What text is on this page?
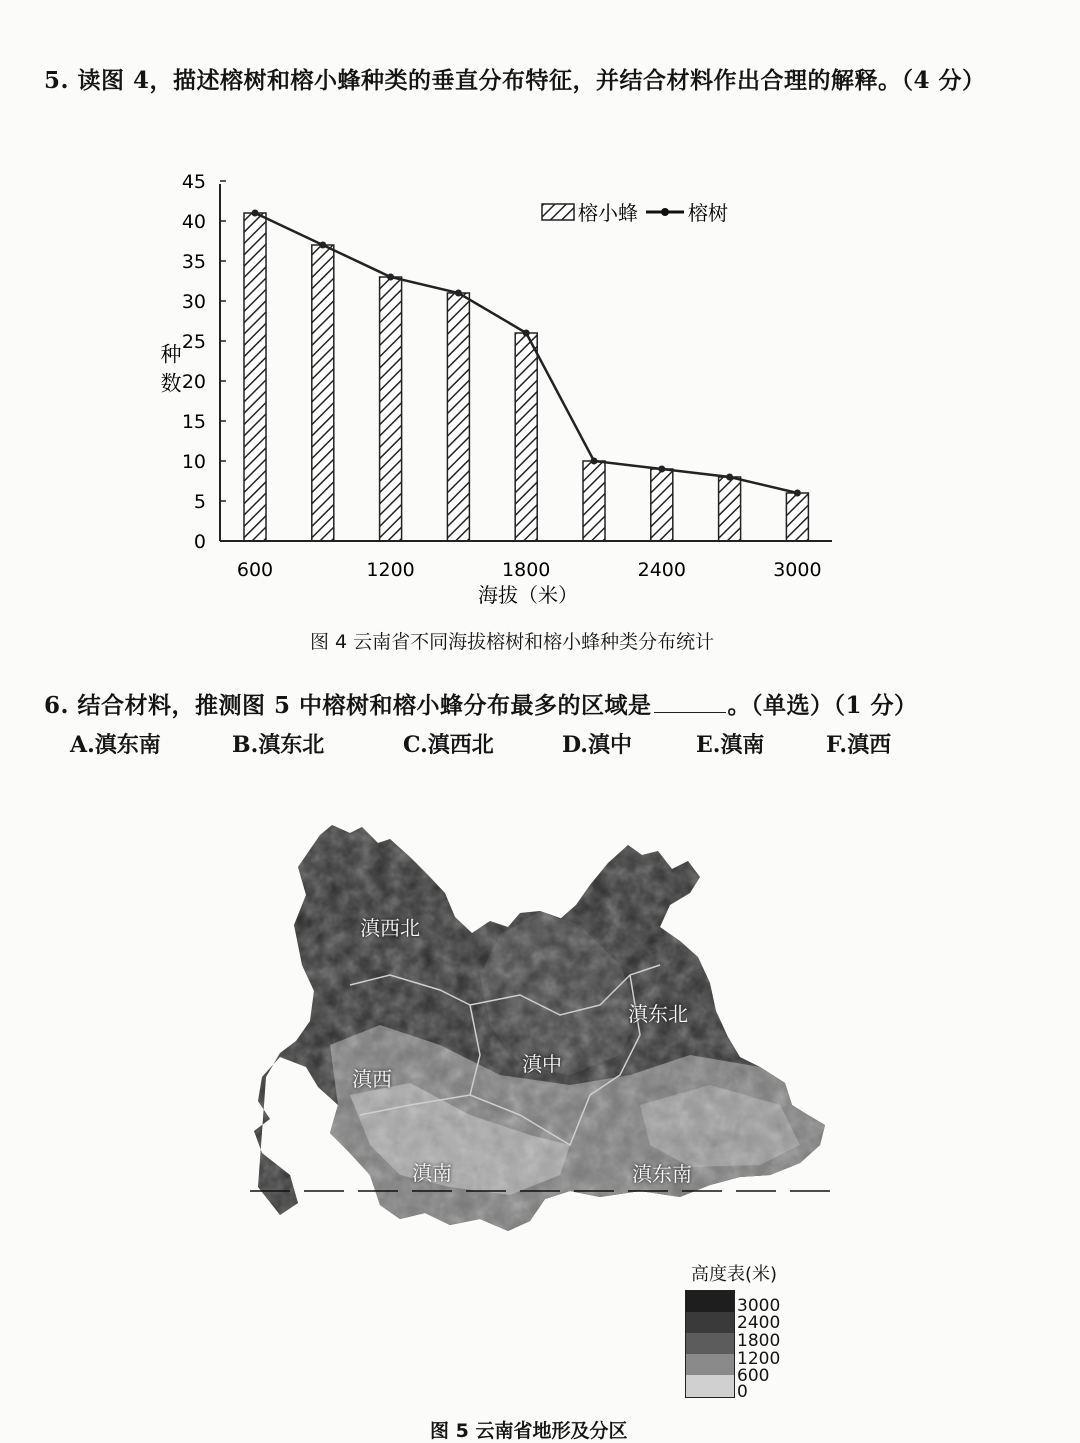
5. 读图 4，描述榕树和榕小蜂种类的垂直分布特征，并结合材料作出合理的解释。（4 分）
0
5
10
15
20
25
30
35
40
45
600	1200	1800	2400	3000
种数
海拔（米）
榕小蜂	榕树
图 4 云南省不同海拔榕树和榕小蜂种类分布统计
6. 结合材料，推测图 5 中榕树和榕小蜂分布最多的区域是	。（单选）（1 分）
A.滇东南	B.滇东北	C.滇西北	D.滇中	E.滇南	F.滇西
滇西北
滇东北
滇中
滇西
滇南	滇东南
高度表(米)
3000
2400
1800
1200
600
0
图 5 云南省地形及分区
